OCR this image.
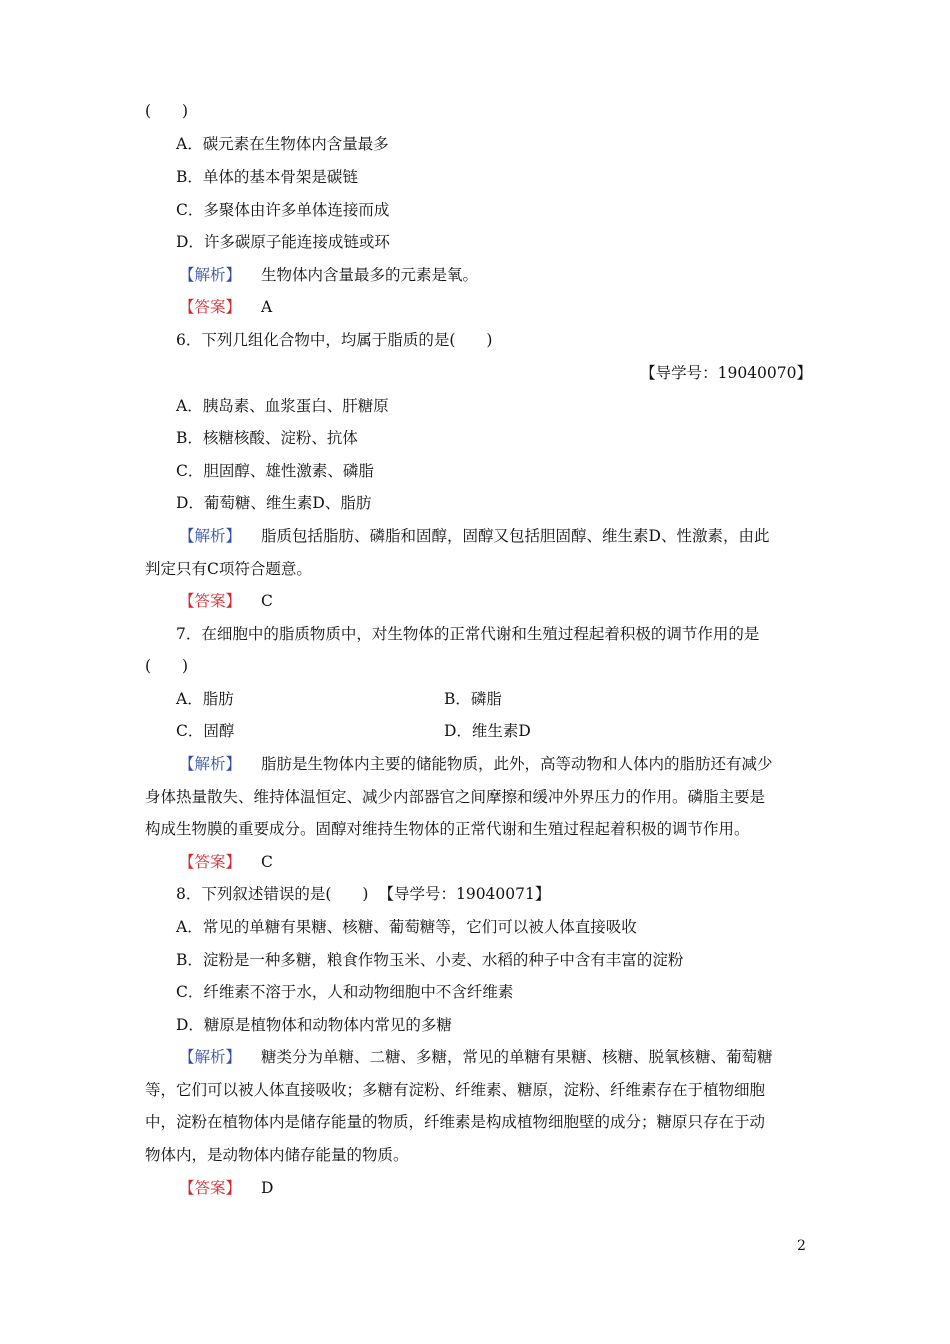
(　　)
A．碳元素在生物体内含量最多
B．单体的基本骨架是碳链
C．多聚体由许多单体连接而成
D．许多碳原子能连接成链或环
【解析】 生物体内含量最多的元素是氧。
【答案】 A
6．下列几组化合物中，均属于脂质的是(　　)
【导学号：19040070】
A．胰岛素、血浆蛋白、肝糖原
B．核糖核酸、淀粉、抗体
C．胆固醇、雄性激素、磷脂
D．葡萄糖、维生素D、脂肪
【解析】 脂质包括脂肪、磷脂和固醇，固醇又包括胆固醇、维生素D、性激素，由此
判定只有C项符合题意。
【答案】 C
7．在细胞中的脂质物质中，对生物体的正常代谢和生殖过程起着积极的调节作用的是
(　　)
A．脂肪	B．磷脂
C．固醇	D．维生素D
【解析】 脂肪是生物体内主要的储能物质，此外，高等动物和人体内的脂肪还有减少
身体热量散失、维持体温恒定、减少内部器官之间摩擦和缓冲外界压力的作用。磷脂主要是
构成生物膜的重要成分。固醇对维持生物体的正常代谢和生殖过程起着积极的调节作用。
【答案】 C
8．下列叙述错误的是(　　) 【导学号：19040071】
A．常见的单糖有果糖、核糖、葡萄糖等，它们可以被人体直接吸收
B．淀粉是一种多糖，粮食作物玉米、小麦、水稻的种子中含有丰富的淀粉
C．纤维素不溶于水，人和动物细胞中不含纤维素
D．糖原是植物体和动物体内常见的多糖
【解析】 糖类分为单糖、二糖、多糖，常见的单糖有果糖、核糖、脱氧核糖、葡萄糖
等，它们可以被人体直接吸收；多糖有淀粉、纤维素、糖原，淀粉、纤维素存在于植物细胞
中，淀粉在植物体内是储存能量的物质，纤维素是构成植物细胞壁的成分；糖原只存在于动
物体内，是动物体内储存能量的物质。
【答案】 D
2
